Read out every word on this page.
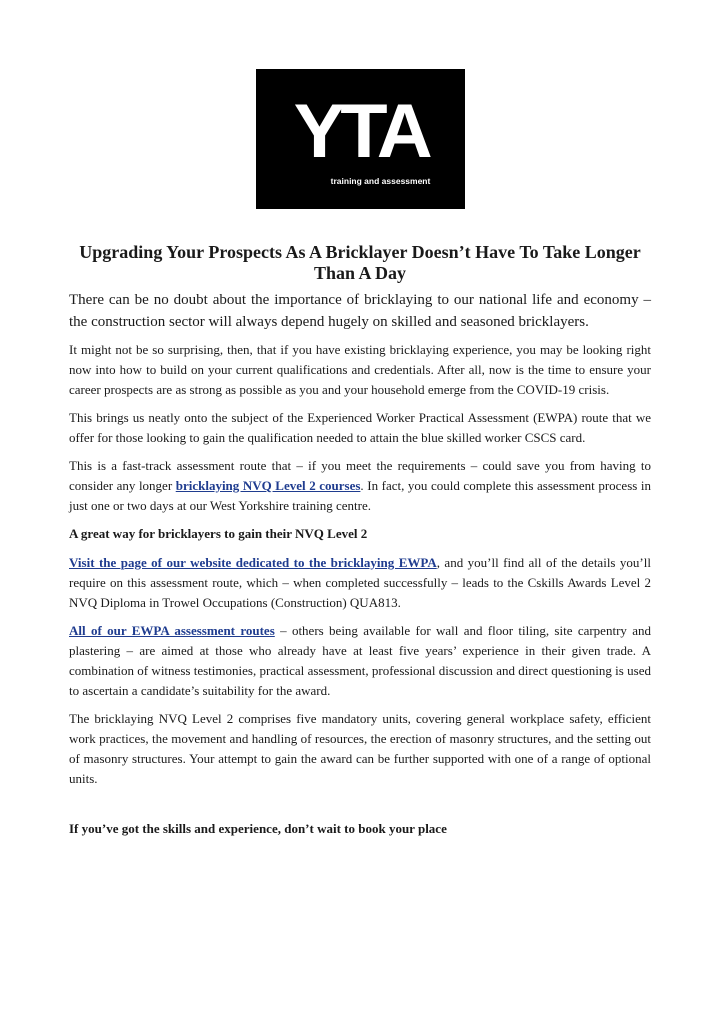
YTA
training and assessment
Upgrading Your Prospects As A Bricklayer Doesn’t Have To Take Longer Than A Day

There can be no doubt about the importance of bricklaying to our national life and economy – the construction sector will always depend hugely on skilled and seasoned bricklayers.

It might not be so surprising, then, that if you have existing bricklaying experience, you may be looking right now into how to build on your current qualifications and credentials. After all, now is the time to ensure your career prospects are as strong as possible as you and your household emerge from the COVID-19 crisis.

This brings us neatly onto the subject of the Experienced Worker Practical Assessment (EWPA) route that we offer for those looking to gain the qualification needed to attain the blue skilled worker CSCS card.

This is a fast-track assessment route that – if you meet the requirements – could save you from having to consider any longer bricklaying NVQ Level 2 courses. In fact, you could complete this assessment process in just one or two days at our West Yorkshire training centre.

A great way for bricklayers to gain their NVQ Level 2

Visit the page of our website dedicated to the bricklaying EWPA, and you’ll find all of the details you’ll require on this assessment route, which – when completed successfully – leads to the Cskills Awards Level 2 NVQ Diploma in Trowel Occupations (Construction) QUA813.

All of our EWPA assessment routes – others being available for wall and floor tiling, site carpentry and plastering – are aimed at those who already have at least five years’ experience in their given trade. A combination of witness testimonies, practical assessment, professional discussion and direct questioning is used to ascertain a candidate’s suitability for the award.

The bricklaying NVQ Level 2 comprises five mandatory units, covering general workplace safety, efficient work practices, the movement and handling of resources, the erection of masonry structures, and the setting out of masonry structures. Your attempt to gain the award can be further supported with one of a range of optional units.

If you’ve got the skills and experience, don’t wait to book your place
